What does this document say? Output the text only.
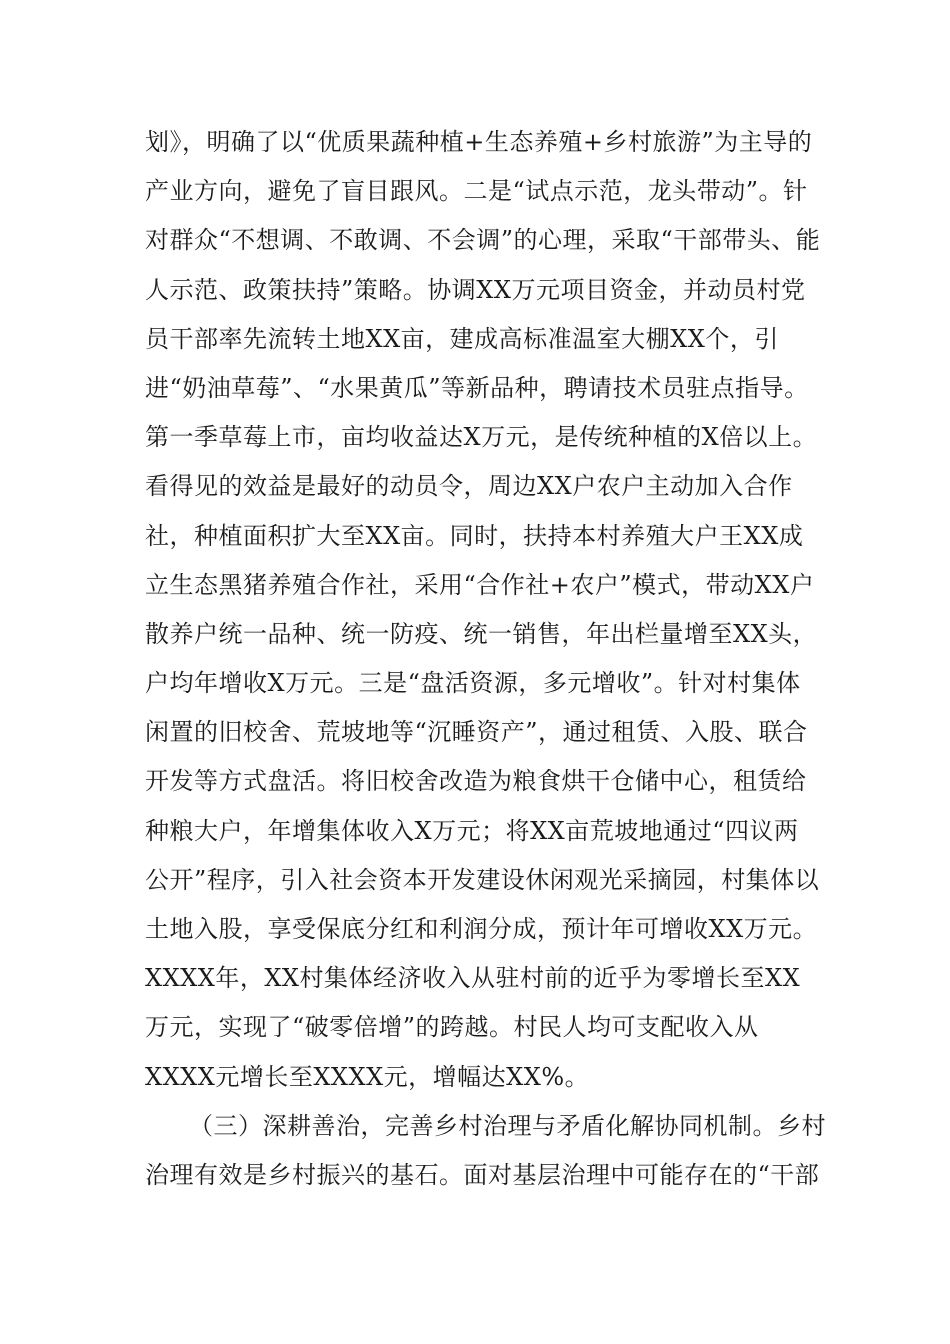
划》，明确了以“优质果蔬种植+生态养殖+乡村旅游”为主导的
产业方向，避免了盲目跟风。二是“试点示范，龙头带动”。针
对群众“不想调、不敢调、不会调”的心理，采取“干部带头、能
人示范、政策扶持”策略。协调XX万元项目资金，并动员村党
员干部率先流转土地XX亩，建成高标准温室大棚XX个，引
进“奶油草莓”、“水果黄瓜”等新品种，聘请技术员驻点指导。
第一季草莓上市，亩均收益达X万元，是传统种植的X倍以上。
看得见的效益是最好的动员令，周边XX户农户主动加入合作
社，种植面积扩大至XX亩。同时，扶持本村养殖大户王XX成
立生态黑猪养殖合作社，采用“合作社+农户”模式，带动XX户
散养户统一品种、统一防疫、统一销售，年出栏量增至XX头，
户均年增收X万元。三是“盘活资源，多元增收”。针对村集体
闲置的旧校舍、荒坡地等“沉睡资产”，通过租赁、入股、联合
开发等方式盘活。将旧校舍改造为粮食烘干仓储中心，租赁给
种粮大户，年增集体收入X万元；将XX亩荒坡地通过“四议两
公开”程序，引入社会资本开发建设休闲观光采摘园，村集体以
土地入股，享受保底分红和利润分成，预计年可增收XX万元。
XXXX年，XX村集体经济收入从驻村前的近乎为零增长至XX
万元，实现了“破零倍增”的跨越。村民人均可支配收入从
XXXX元增长至XXXX元，增幅达XX%。
（三）深耕善治，完善乡村治理与矛盾化解协同机制。乡村
治理有效是乡村振兴的基石。面对基层治理中可能存在的“干部
